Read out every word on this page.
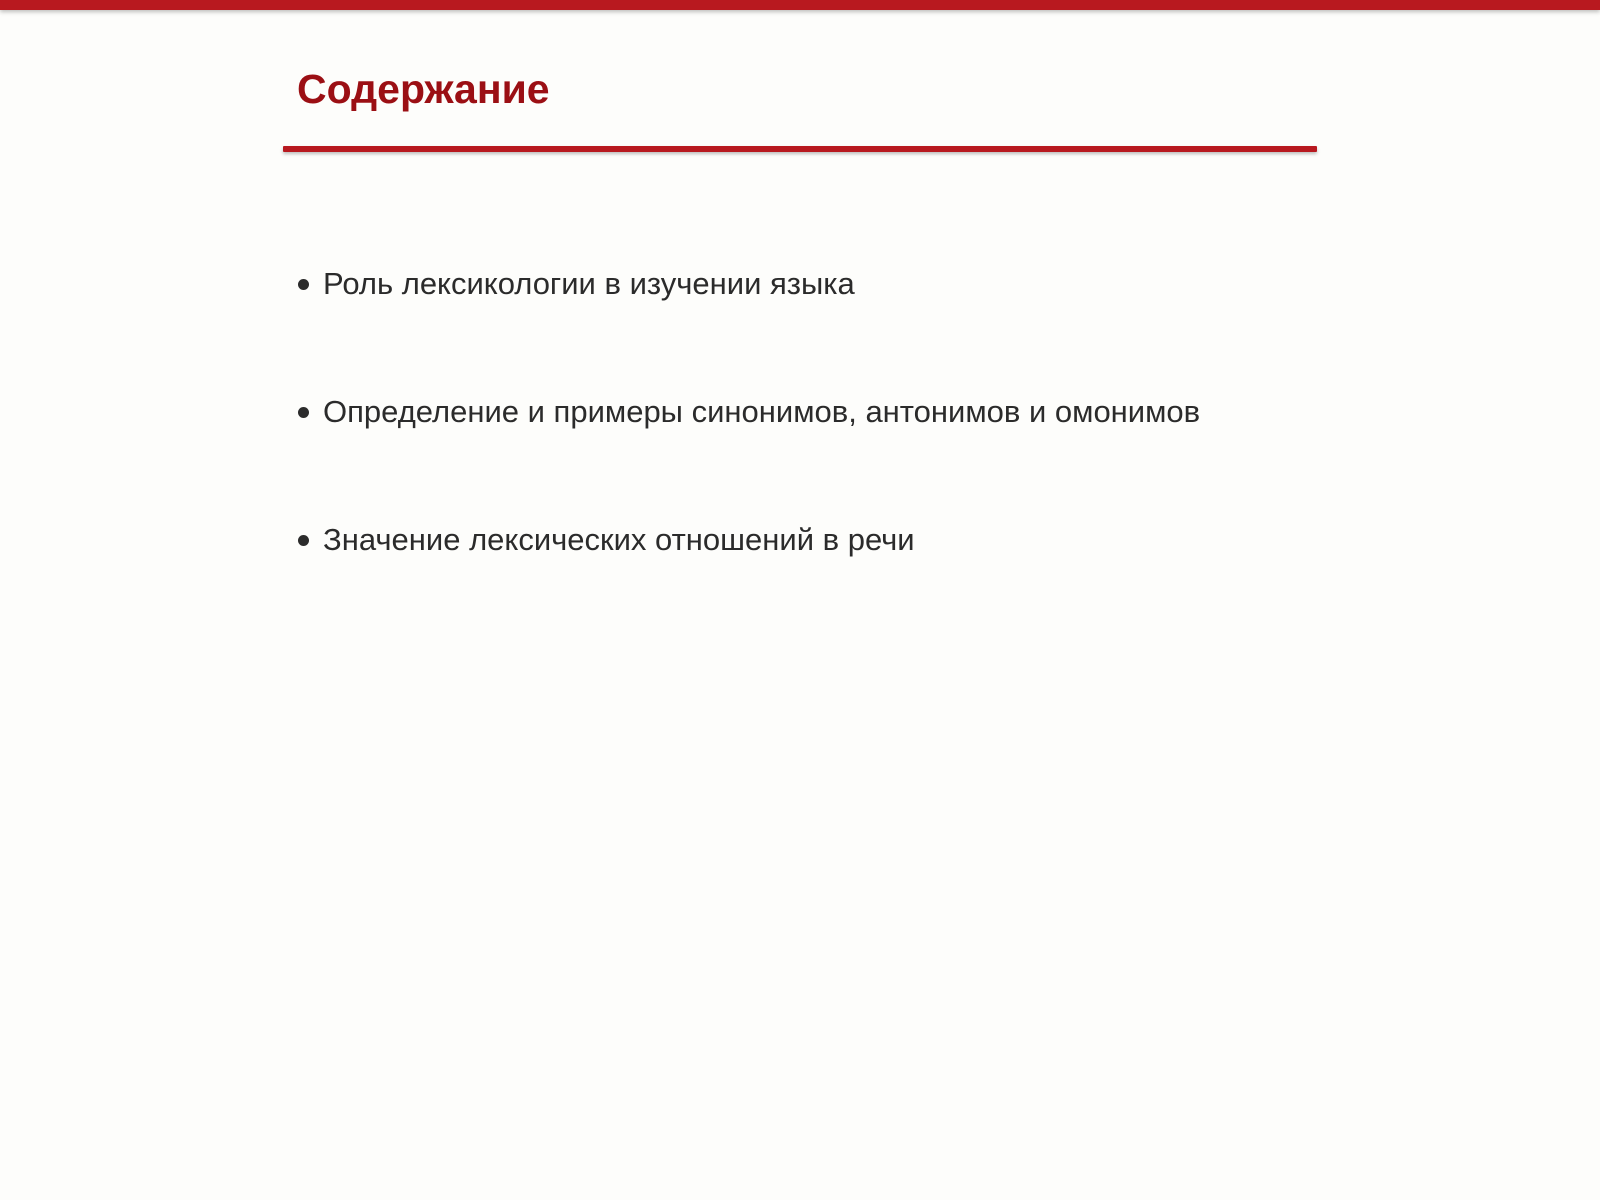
Содержание
Роль лексикологии в изучении языка
Определение и примеры синонимов, антонимов и омонимов
Значение лексических отношений в речи
